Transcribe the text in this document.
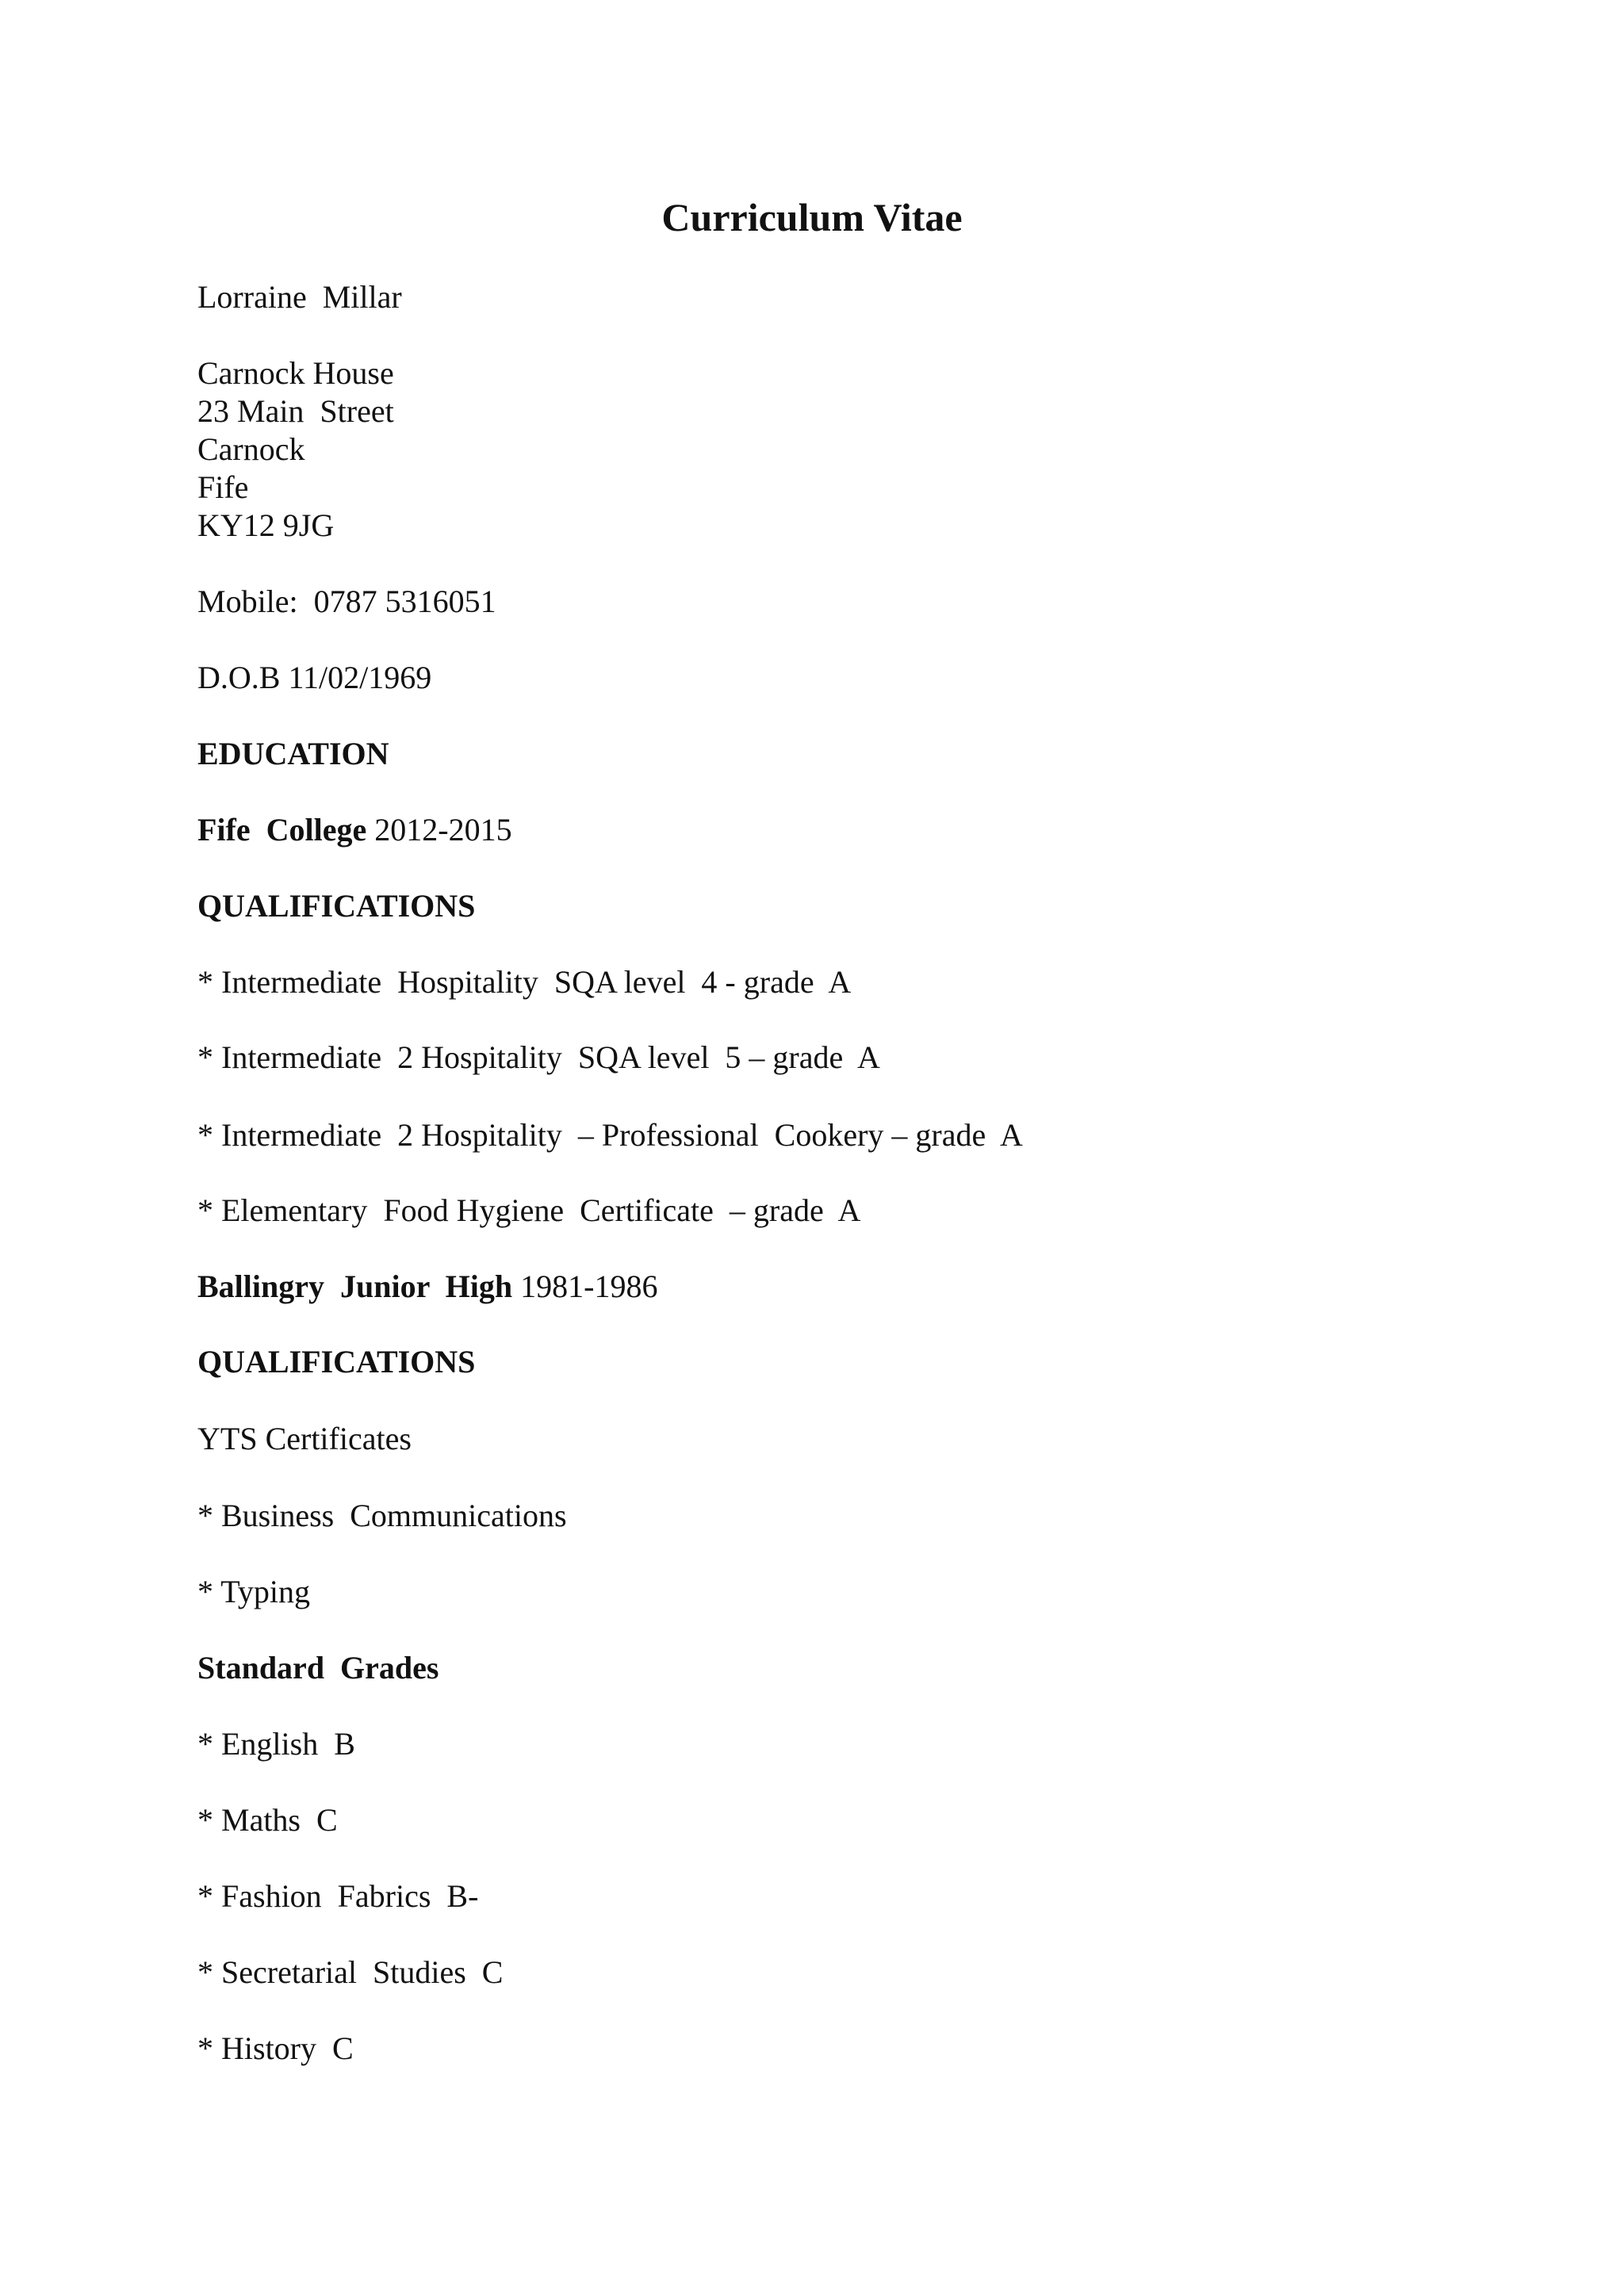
Curriculum Vitae

Lorraine  Millar

Carnock House

23 Main  Street

Carnock

Fife

KY12 9JG

Mobile:  0787 5316051

D.O.B 11/02/1969

EDUCATION

Fife  College 2012-2015

QUALIFICATIONS

* Intermediate  Hospitality  SQA level  4 - grade  A

* Intermediate  2 Hospitality  SQA level  5 – grade  A

* Intermediate  2 Hospitality  – Professional  Cookery – grade  A

* Elementary  Food Hygiene  Certificate  – grade  A

Ballingry  Junior  High 1981-1986

QUALIFICATIONS

YTS Certificates

* Business  Communications

* Typing

Standard  Grades

* English  B

* Maths  C

* Fashion  Fabrics  B-

* Secretarial  Studies  C

* History  C
